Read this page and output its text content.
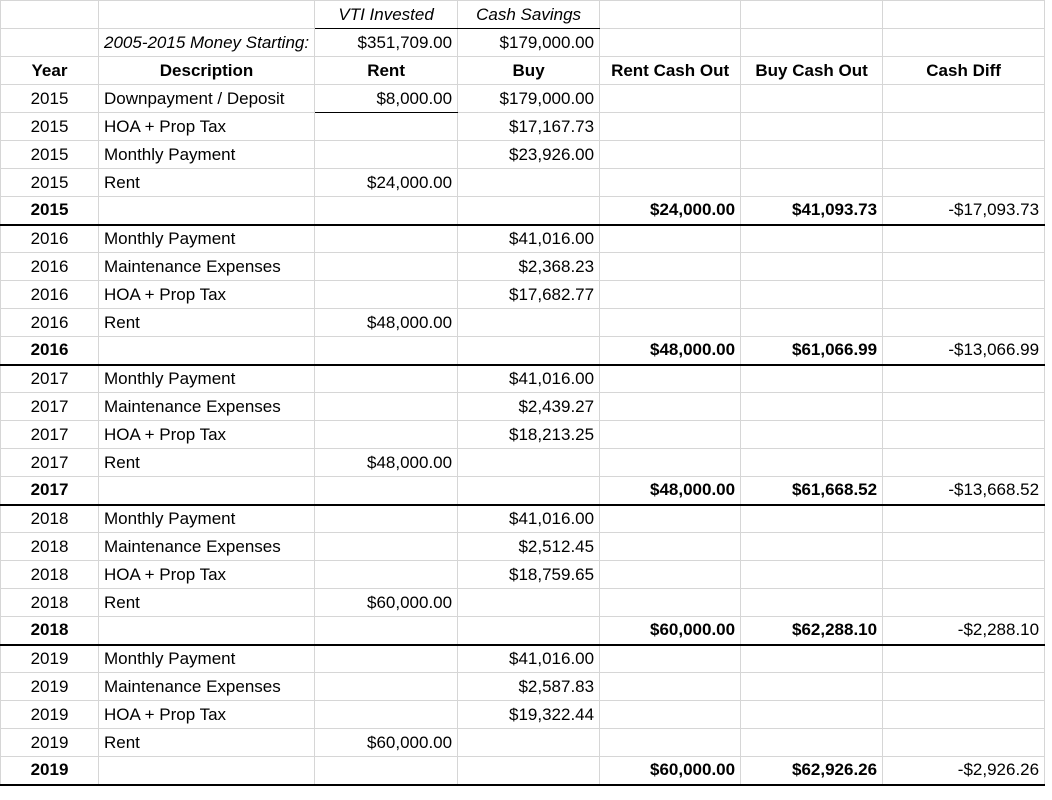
		VTI Invested	Cash Savings			
	2005-2015 Money Starting:	$351,709.00	$179,000.00			
Year	Description	Rent	Buy	Rent Cash Out	Buy Cash Out	Cash Diff
2015	Downpayment / Deposit	$8,000.00	$179,000.00			
2015	HOA + Prop Tax		$17,167.73			
2015	Monthly Payment		$23,926.00			
2015	Rent	$24,000.00				
2015				$24,000.00	$41,093.73	-$17,093.73
2016	Monthly Payment		$41,016.00			
2016	Maintenance Expenses		$2,368.23			
2016	HOA + Prop Tax		$17,682.77			
2016	Rent	$48,000.00				
2016				$48,000.00	$61,066.99	-$13,066.99
2017	Monthly Payment		$41,016.00			
2017	Maintenance Expenses		$2,439.27			
2017	HOA + Prop Tax		$18,213.25			
2017	Rent	$48,000.00				
2017				$48,000.00	$61,668.52	-$13,668.52
2018	Monthly Payment		$41,016.00			
2018	Maintenance Expenses		$2,512.45			
2018	HOA + Prop Tax		$18,759.65			
2018	Rent	$60,000.00				
2018				$60,000.00	$62,288.10	-$2,288.10
2019	Monthly Payment		$41,016.00			
2019	Maintenance Expenses		$2,587.83			
2019	HOA + Prop Tax		$19,322.44			
2019	Rent	$60,000.00				
2019				$60,000.00	$62,926.26	-$2,926.26
